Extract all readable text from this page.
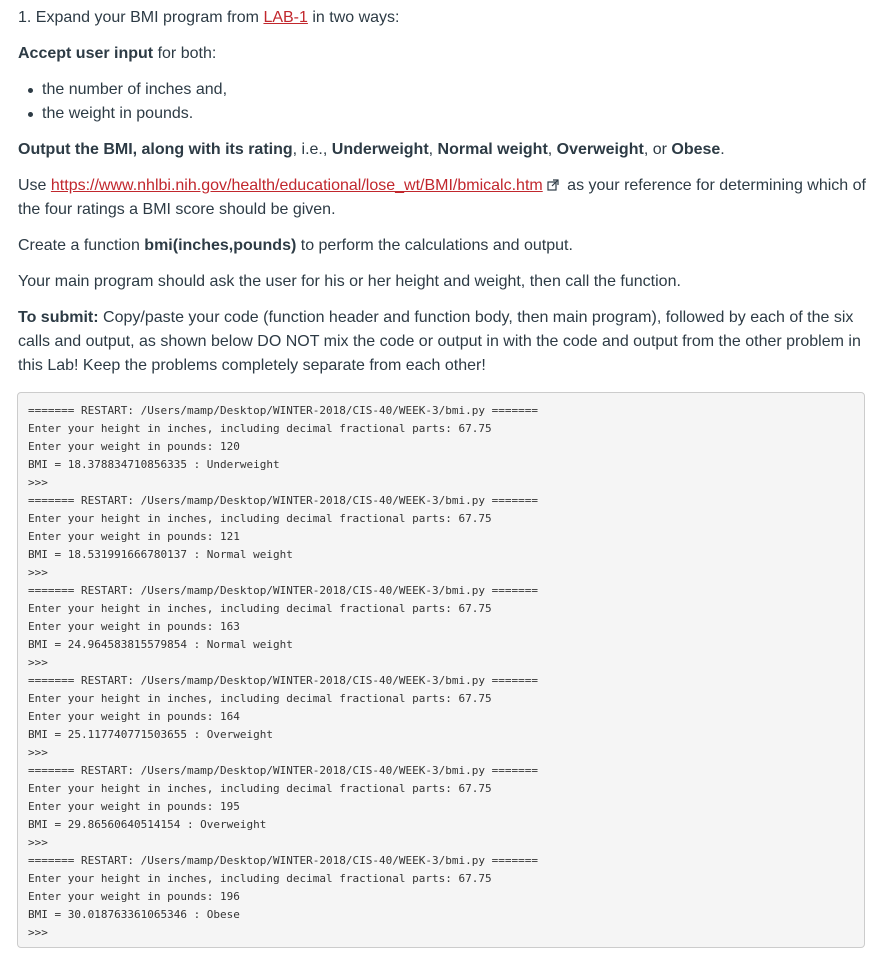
1. Expand your BMI program from LAB-1 in two ways:

Accept user input for both:

the number of inches and,
the weight in pounds.

Output the BMI, along with its rating, i.e., Underweight, Normal weight, Overweight, or Obese.

Use https://www.nhlbi.nih.gov/health/educational/lose_wt/BMI/bmicalc.htm as your reference for determining which of the four ratings a BMI score should be given.

Create a function bmi(inches,pounds) to perform the calculations and output.

Your main program should ask the user for his or her height and weight, then call the function.

To submit: Copy/paste your code (function header and function body, then main program), followed by each of the six calls and output, as shown below DO NOT mix the code or output in with the code and output from the other problem in this Lab! Keep the problems completely separate from each other!

======= RESTART: /Users/mamp/Desktop/WINTER-2018/CIS-40/WEEK-3/bmi.py =======
Enter your height in inches, including decimal fractional parts: 67.75
Enter your weight in pounds: 120
BMI = 18.378834710856335 : Underweight
>>>
======= RESTART: /Users/mamp/Desktop/WINTER-2018/CIS-40/WEEK-3/bmi.py =======
Enter your height in inches, including decimal fractional parts: 67.75
Enter your weight in pounds: 121
BMI = 18.531991666780137 : Normal weight
>>>
======= RESTART: /Users/mamp/Desktop/WINTER-2018/CIS-40/WEEK-3/bmi.py =======
Enter your height in inches, including decimal fractional parts: 67.75
Enter your weight in pounds: 163
BMI = 24.964583815579854 : Normal weight
>>>
======= RESTART: /Users/mamp/Desktop/WINTER-2018/CIS-40/WEEK-3/bmi.py =======
Enter your height in inches, including decimal fractional parts: 67.75
Enter your weight in pounds: 164
BMI = 25.117740771503655 : Overweight
>>>
======= RESTART: /Users/mamp/Desktop/WINTER-2018/CIS-40/WEEK-3/bmi.py =======
Enter your height in inches, including decimal fractional parts: 67.75
Enter your weight in pounds: 195
BMI = 29.86560640514154 : Overweight
>>>
======= RESTART: /Users/mamp/Desktop/WINTER-2018/CIS-40/WEEK-3/bmi.py =======
Enter your height in inches, including decimal fractional parts: 67.75
Enter your weight in pounds: 196
BMI = 30.018763361065346 : Obese
>>>
